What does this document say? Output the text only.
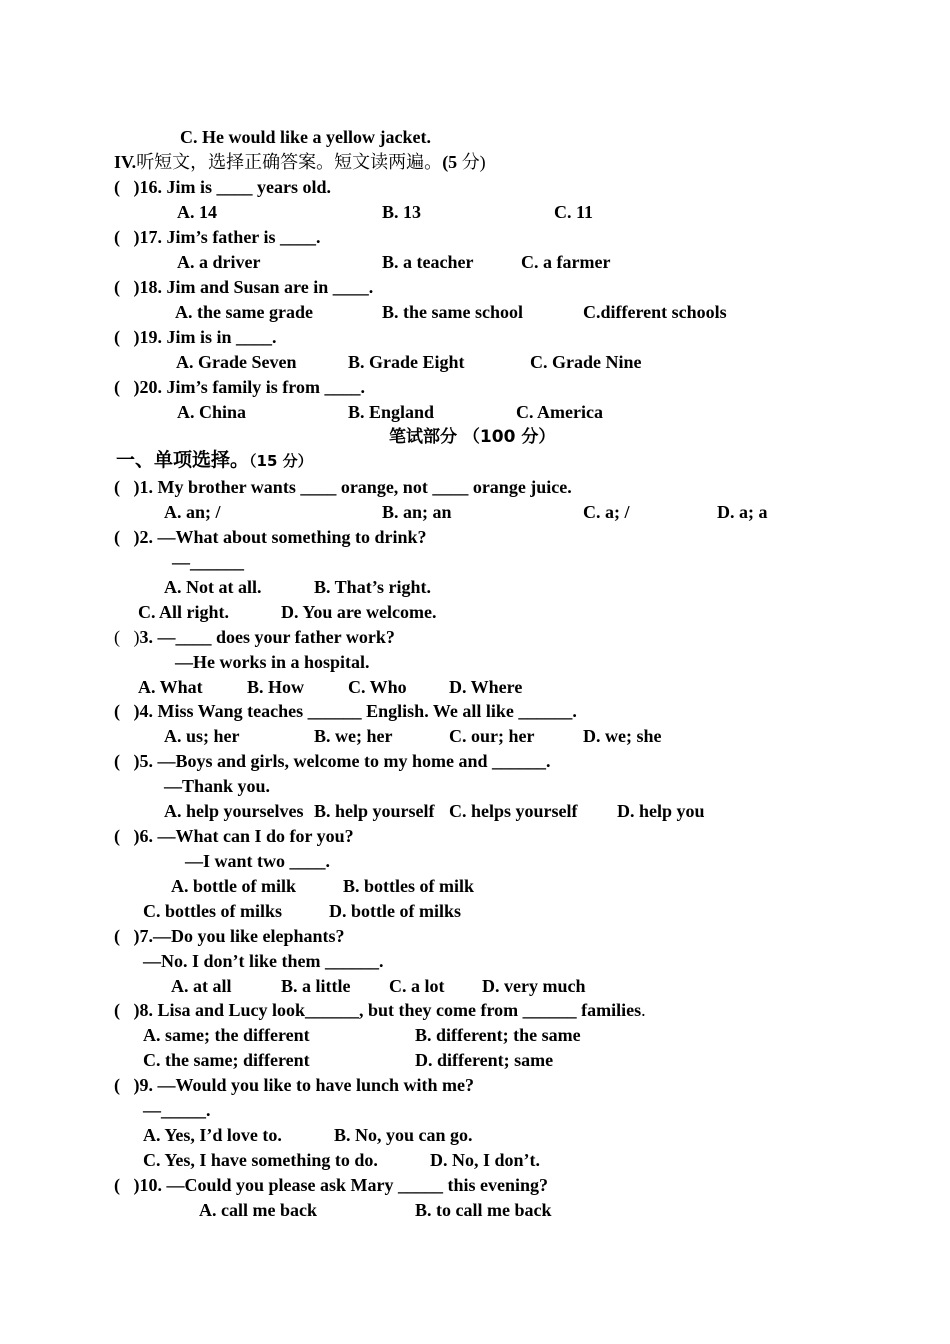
C. He would like a yellow jacket.
IV.听短文，选择正确答案。短文读两遍。(5 分)
(   )16. Jim is ____ years old.
A. 14	B. 13	C. 11
(   )17. Jim’s father is ____.
A. a driver	B. a teacher	C. a farmer
(   )18. Jim and Susan are in ____.
A. the same grade	B. the same school	C.different schools
(   )19. Jim is in ____.
A. Grade Seven	B. Grade Eight	C. Grade Nine
(   )20. Jim’s family is from ____.
A. China	B. England	C. America
笔试部分 （100 分）
一、单项选择。（15 分）
(   )1. My brother wants ____ orange, not ____ orange juice.
A. an; /	B. an; an	C. a; /	D. a; a
(   )2. —What about something to drink?
—______
A. Not at all.	B. That’s right.
C. All right.	D. You are welcome.
(   )3. —____ does your father work?
—He works in a hospital.
A. What B. How C. Who D. Where
(   )4. Miss Wang teaches ______ English. We all like ______.
A. us; her	B. we; her	C. our; her	D. we; she
(   )5. —Boys and girls, welcome to my home and ______.
—Thank you.
A. help yourselves B. help yourself C. helps yourself D. help you
(   )6. —What can I do for you?
—I want two ____.
A. bottle of milk	B. bottles of milk
C. bottles of milks	D. bottle of milks
(   )7.—Do you like elephants?
—No. I don’t like them ______.
A. at all	B. a little C. a lot D. very much
(   )8. Lisa and Lucy look______, but they come from ______ families.
A. same; the different	B. different; the same
C. the same; different	D. different; same
(   )9. —Would you like to have lunch with me?
—_____.
A. Yes, I’d love to.	B. No, you can go.
C. Yes, I have something to do.	D. No, I don’t.
(   )10. —Could you please ask Mary _____ this evening?
A. call me back	B. to call me back
